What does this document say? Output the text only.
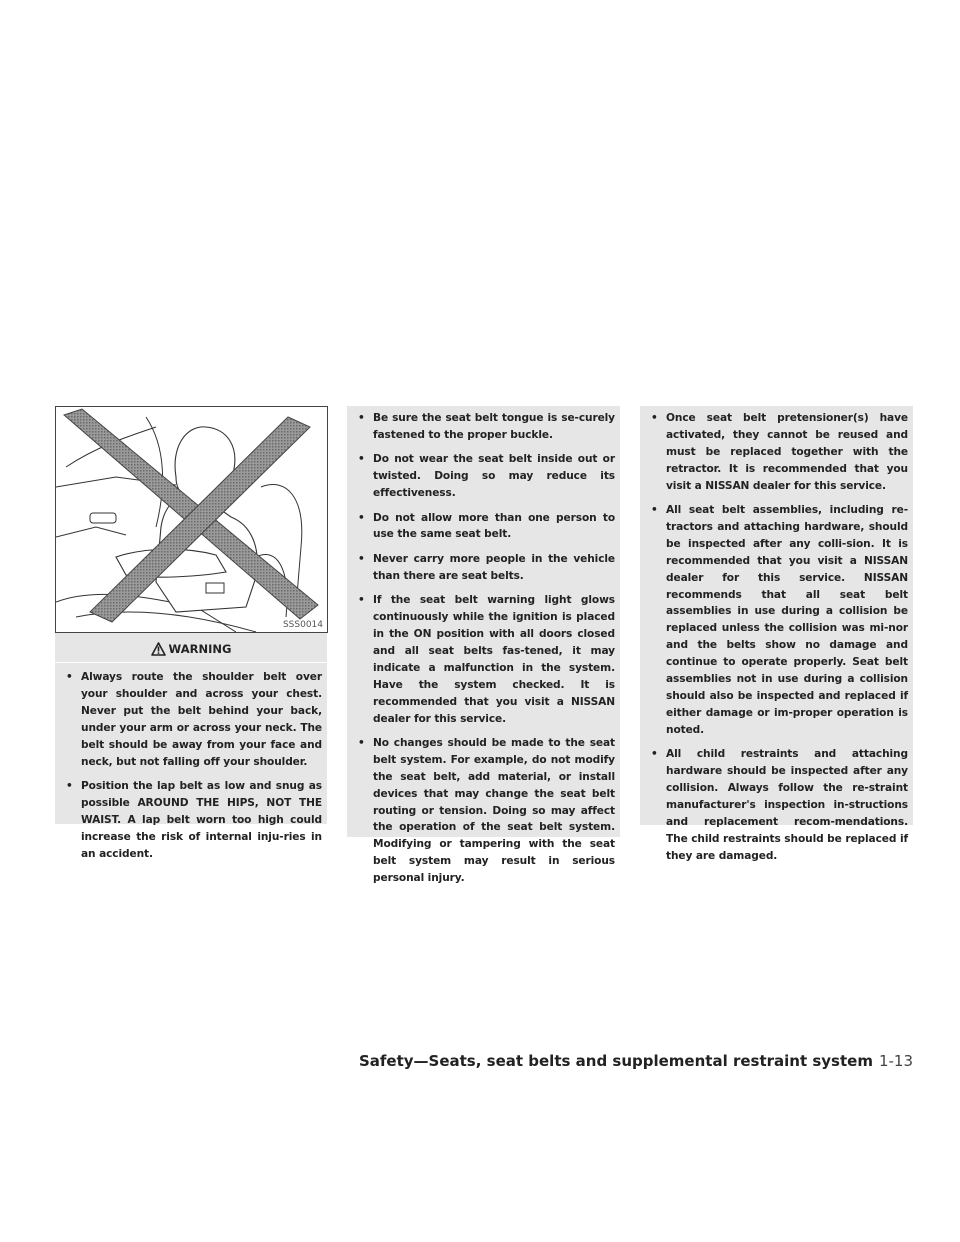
SSS0014
WARNING
• Always route the shoulder belt over your shoulder and across your chest. Never put the belt behind your back, under your arm or across your neck. The belt should be away from your face and neck, but not falling off your shoulder.
• Position the lap belt as low and snug as possible AROUND THE HIPS, NOT THE WAIST. A lap belt worn too high could increase the risk of internal inju-ries in an accident.
• Be sure the seat belt tongue is se-curely fastened to the proper buckle.
• Do not wear the seat belt inside out or twisted. Doing so may reduce its effectiveness.
• Do not allow more than one person to use the same seat belt.
• Never carry more people in the vehicle than there are seat belts.
• If the seat belt warning light glows continuously while the ignition is placed in the ON position with all doors closed and all seat belts fas-tened, it may indicate a malfunction in the system. Have the system checked. It is recommended that you visit a NISSAN dealer for this service.
• No changes should be made to the seat belt system. For example, do not modify the seat belt, add material, or install devices that may change the seat belt routing or tension. Doing so may affect the operation of the seat belt system. Modifying or tampering with the seat belt system may result in serious personal injury.
• Once seat belt pretensioner(s) have activated, they cannot be reused and must be replaced together with the retractor. It is recommended that you visit a NISSAN dealer for this service.
• All seat belt assemblies, including re-tractors and attaching hardware, should be inspected after any colli-sion. It is recommended that you visit a NISSAN dealer for this service. NISSAN recommends that all seat belt assemblies in use during a collision be replaced unless the collision was mi-nor and the belts show no damage and continue to operate properly. Seat belt assemblies not in use during a collision should also be inspected and replaced if either damage or im-proper operation is noted.
• All child restraints and attaching hardware should be inspected after any collision. Always follow the re-straint manufacturer's inspection in-structions and replacement recom-mendations. The child restraints should be replaced if they are damaged.
Safety—Seats, seat belts and supplemental restraint system 1-13
